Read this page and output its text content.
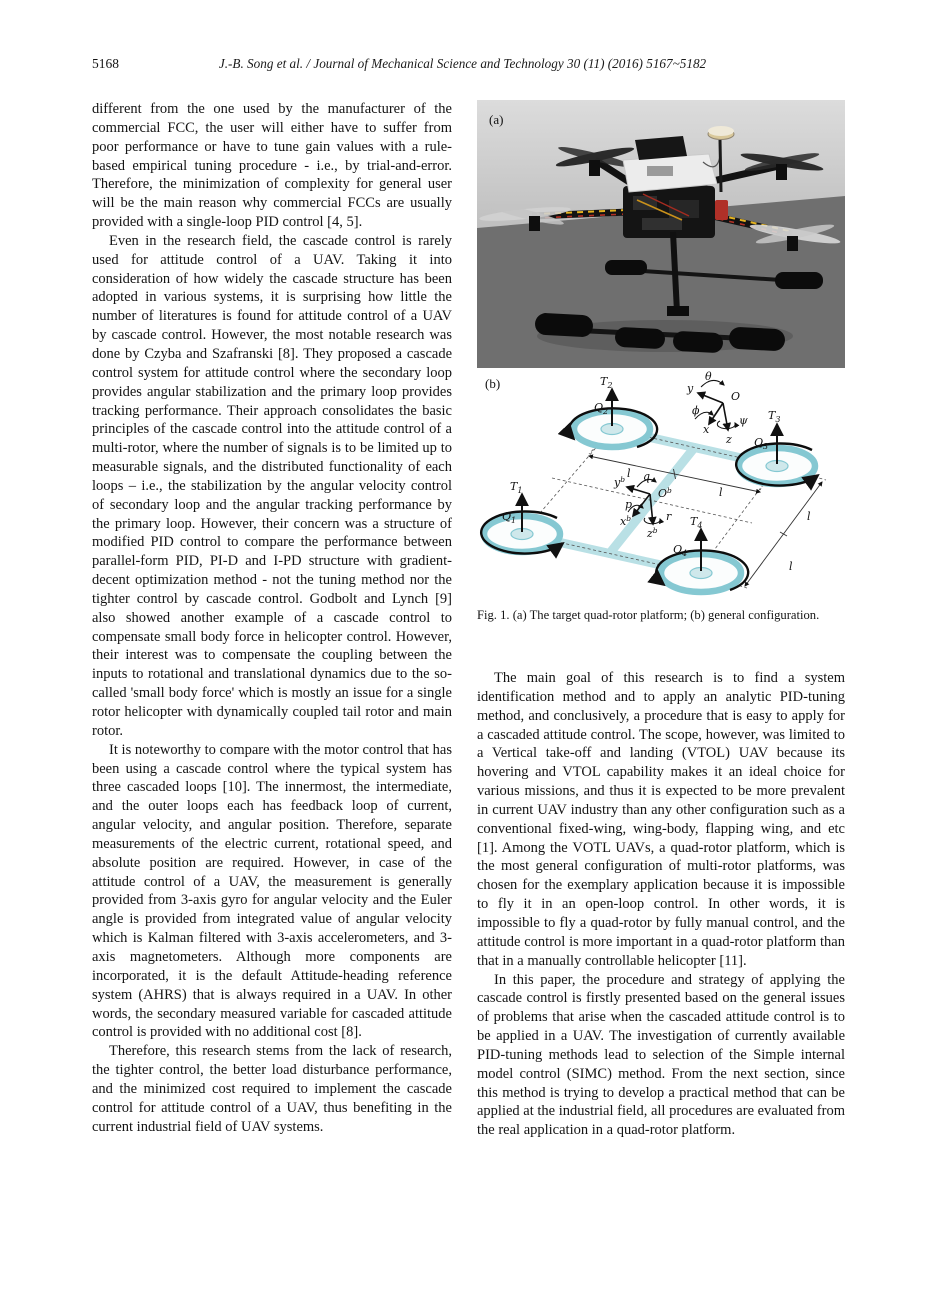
5168	J.-B. Song et al. / Journal of Mechanical Science and Technology 30 (11) (2016) 5167~5182

different from the one used by the manufacturer of the commercial FCC, the user will either have to suffer from poor performance or have to tune gain values with a rule-based empirical tuning procedure - i.e., by trial-and-error. Therefore, the minimization of complexity for general user will be the main reason why commercial FCCs are usually provided with a single-loop PID control [4, 5].

Even in the research field, the cascade control is rarely used for attitude control of a UAV. Taking it into consideration of how widely the cascade structure has been adopted in various systems, it is surprising how little the number of literatures is found for attitude control of a UAV by cascade control. However, the most notable research was done by Czyba and Szafranski [8]. They proposed a cascade control system for attitude control where the secondary loop provides angular stabilization and the primary loop provides tracking performance. Their approach consolidates the basic principles of the cascade control into the attitude control of a multi-rotor, where the number of signals is to be limited up to measurable signals, and the distributed functionality of each loops – i.e., the stabilization by the angular velocity control of secondary loop and the angular tracking performance by the primary loop. However, their concern was a structure of modified PID control to compare the performance between parallel-form PID, PI-D and I-PD structure with gradient-decent optimization method - not the tuning method nor the tighter control by cascade control. Godbolt and Lynch [9] also showed another example of a cascade control to compensate small body force in helicopter control. However, their interest was to compensate the coupling between the inputs to rotational and translational dynamics due to the so-called 'small body force' which is mostly an issue for a single rotor helicopter with dynamically coupled tail rotor and main rotor.

It is noteworthy to compare with the motor control that has been using a cascade control where the typical system has three cascaded loops [10]. The innermost, the intermediate, and the outer loops each has feedback loop of current, angular velocity, and angular position. Therefore, separate measurements of the electric current, rotational speed, and absolute position are required. However, in case of the attitude control of a UAV, the measurement is generally provided from 3-axis gyro for angular velocity and the Euler angle is provided from integrated value of angular velocity which is Kalman filtered with 3-axis accelerometers, and 3-axis magnetometers. Although more components are incorporated, it is the default Attitude-heading reference system (AHRS) that is always required in a UAV. In other words, the secondary measured variable for cascaded attitude control is provided with no additional cost [8].

Therefore, this research stems from the lack of research, the tighter control, the better load disturbance performance, and the minimized cost required to implement the cascade control for attitude control of a UAV, thus benefiting in the current industrial field of UAV systems.

(a)
l
l
l
l
$T_1$
$Q_1$
$T_2$
$Q_2$	$T_3$
$Q_3$
$T_4$
$Q_4$
O
y
x
z
θ
ϕ
ψ
$O^b$
$y^b$
$x^b$
$z^b$
q
p
r
(b)
Fig. 1. (a) The target quad-rotor platform; (b) general configuration.

The main goal of this research is to find a system identification method and to apply an analytic PID-tuning method, and conclusively, a procedure that is easy to apply for a cascaded attitude control. The scope, however, was limited to a Vertical take-off and landing (VTOL) UAV because its hovering and VTOL capability makes it an ideal choice for various missions, and thus it is expected to be more prevalent in current UAV industry than any other configuration such as a conventional fixed-wing, wing-body, flapping wing, and etc [1]. Among the VOTL UAVs, a quad-rotor platform, which is the most general configuration of multi-rotor platforms, was chosen for the exemplary application because it is impossible to fly it in an open-loop control. In other words, it is impossible to fly a quad-rotor by fully manual control, and the attitude control is more important in a quad-rotor platform than that in a manually controllable helicopter [11].

In this paper, the procedure and strategy of applying the cascade control is firstly presented based on the general issues of problems that arise when the cascaded attitude control is to be applied in a UAV. The investigation of currently available PID-tuning methods lead to selection of the Simple internal model control (SIMC) method. From the next section, since this method is trying to develop a practical method that can be applied at the industrial field, all procedures are evaluated from the real application in a quad-rotor platform.
